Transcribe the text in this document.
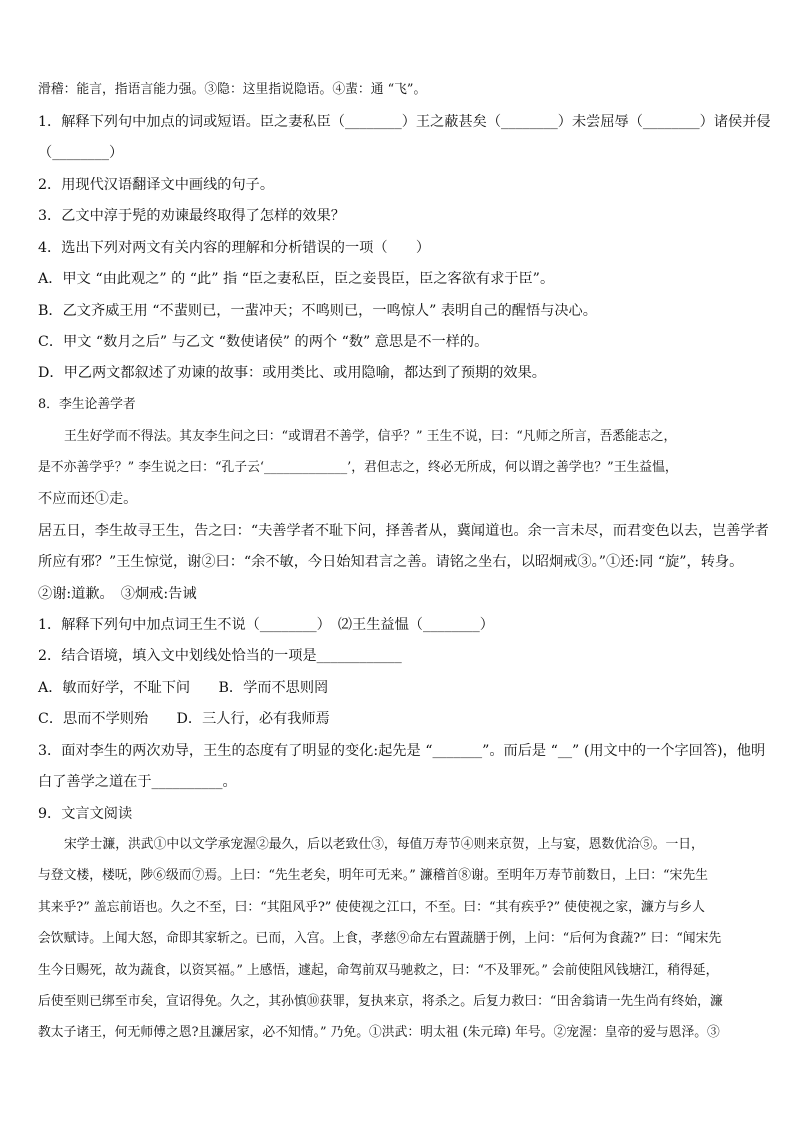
滑稽：能言，指语言能力强。③隐：这里指说隐语。④蜚：通 “飞”。
1．解释下列句中加点的词或短语。臣之妻私臣（________）王之蔽甚矣（________）未尝屈辱（________）诸侯并侵
（________）
2．用现代汉语翻译文中画线的句子。
3．乙文中淳于髡的劝谏最终取得了怎样的效果？
4．选出下列对两文有关内容的理解和分析错误的一项（　　）
A．甲文 “由此观之” 的 “此” 指 “臣之妻私臣，臣之妾畏臣，臣之客欲有求于臣”。
B．乙文齐威王用 “不蜚则已，一蜚冲天；不鸣则已，一鸣惊人” 表明自己的醒悟与决心。
C．甲文 “数月之后” 与乙文 “数使诸侯” 的两个 “数” 意思是不一样的。
D．甲乙两文都叙述了劝谏的故事：或用类比、或用隐喻，都达到了预期的效果。
8．李生论善学者
王生好学而不得法。其友李生问之曰：“或谓君不善学，信乎？” 王生不说，曰：“凡师之所言，吾悉能志之，
是不亦善学乎？” 李生说之曰：“孔子云‘_____________’，君但志之，终必无所成，何以谓之善学也？”王生益愠，
不应而还①走。
居五日，李生故寻王生，告之曰：“夫善学者不耻下问，择善者从，冀闻道也。余一言未尽，而君变色以去，岂善学者
所应有邪？”王生惊觉，谢②曰：“余不敏，今日始知君言之善。请铭之坐右，以昭炯戒③。”①还:同 “旋”，转身。
②谢:道歉。　③炯戒:告诫
1．解释下列句中加点词王生不说（________）　⑵王生益愠（________）
2．结合语境，填入文中划线处恰当的一项是____________
A．敏而好学，不耻下问　　B．学而不思则罔
C．思而不学则殆　　D．三人行，必有我师焉
3．面对李生的两次劝导，王生的态度有了明显的变化:起先是 “_______”。而后是 “__” (用文中的一个字回答)，他明
白了善学之道在于__________。
9．文言文阅读
宋学士濂，洪武①中以文学承宠渥②最久，后以老致仕③，每值万寿节④则来京贺，上与宴，恩数优洽⑤。一日，
与登文楼，楼呒，陟⑥级而⑦焉。上曰：“先生老矣，明年可无来。” 濂稽首⑧谢。至明年万寿节前数日，上曰：“宋先生
其来乎?” 盖忘前语也。久之不至，曰：“其阻风乎?” 使使视之江口，不至。曰：“其有疾乎?” 使使视之家，濂方与乡人
会饮赋诗。上闻大怒，命即其家斩之。已而，入宫。上食，孝慈⑨命左右置蔬膳于例，上问：“后何为食蔬?” 曰：“闻宋先
生今日赐死，故为蔬食，以资冥福。” 上感悟，遽起，命驾前双马驰救之，曰：“不及罪死。” 会前使阻风钱塘江，稍得延，
后使至则已绑至市矣，宣诏得免。久之，其孙慎⑩获罪，复执来京，将杀之。后复力救曰：“田舍翁请一先生尚有终始，濂
教太子诸王，何无师傅之恩?且濂居家，必不知情。” 乃免。①洪武：明太祖 (朱元璋) 年号。②宠渥：皇帝的爱与恩泽。③
